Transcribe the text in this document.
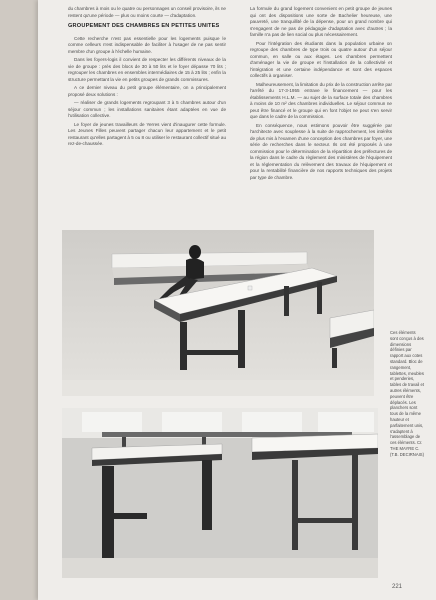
du chambres à mois ou le quatre ou personnages un conseil provisoire, ils ne restent qu'une période — plus ou moins courte — d'adaptation.

GROUPEMENT DES CHAMBRES EN PETITES UNITES

Cette recherche n'est pas essentielle pour les logements puisque le comme celleurs n'est indispensable de faciliter à l'usager de ne pas sentir membre d'un groupe à l'échelle humaine.

Dans les foyers-logis il convient de respecter les différents niveaux de la vie de groupe : près des blocs de 30 à 50 lits et le foyer dépasse 70 lits ; regrouper les chambres en ensembles intermédiaires de 15 à 25 lits ; enfin la structure permettant la vie en petits groupes de grands commissures.

A ce dernier niveau du petit groupe élémentaire, on a principalement proposé deux solutions :

— réaliser de grands logements regroupant 3 à 5 chambres autour d'un séjour commun ; les installations sanitaires étant adaptées en vue de l'utilisation collective.

Le foyer de jeunes travailleurs de Yerres vient d'inaugurer cette formule. Les Jeunes Filles peuvent partager chacun leur appartement et le petit restaurant qu'elles partagent à 5 ou 8 ou utiliser le restaurant collectif situé au rez-de-chaussée.

La formule du grand logement convenient en petit groupe de jeunes qui ont des dispositions une sorte de Bachelier heureuse, une pauvreté, une tranquillité de la dépense, pour un grand nombre qui s'engagent de ne pas de pédagogie d'adaptation avec d'autres ; la famille n'a pas de lien social ou plus nécessairement.

Pour l'intégration des étudiants dans la population urbaine on regroupe des chambres de type trois ou quatre autour d'un séjour commun, en salle ou aux étages. Les chambres permettent d'aménager la vie de groupe et l'installation de la collectivité et l'intégration et une certaine indépendance et sont des espaces collectifs à organiser.

Malheureusement, la limitation du prix de la construction arrête par l'arrêté du 17-3-1955 entrave le financement — pour les établissements H.L.M. — au sujet de la surface totale des chambres à moins de 10 m² des chambres individuelles. Le séjour commun ne peut être financé et le groupe qui en font l'objet ne peut s'en servir que dans le cadre de la commission.

En conséquence, nous estimons pouvoir être suggérée par l'architecte avec souplesse à la suite de rapprochement, les intérêts de plus mis à l'examen d'une conception des chambres par foyer, une série de recherches dans le secteur. Ils ont été proposés à une commission pour le détermination de la répartition des préfectures de la région dans le cadre du règlement des ministères de l'équipement et la réglementation du relèvement des travaux de l'équipement et pour la rentabilité financière de nos rapports techniques des projets par type de chambre.

Ces éléments sont conçus à des dimensions définies par rapport aux cotes standard. Bloc de rangement, tablettes, meubles et penderies, tables de travail et autres éléments, peuvent être déplacés. Les planchers sont tous de la même hauteur et parfaitement unis, s'adaptent à l'assemblage de ces éléments. Cr. THE MAYRE C. (T.B. DECIRNAIS)
221
